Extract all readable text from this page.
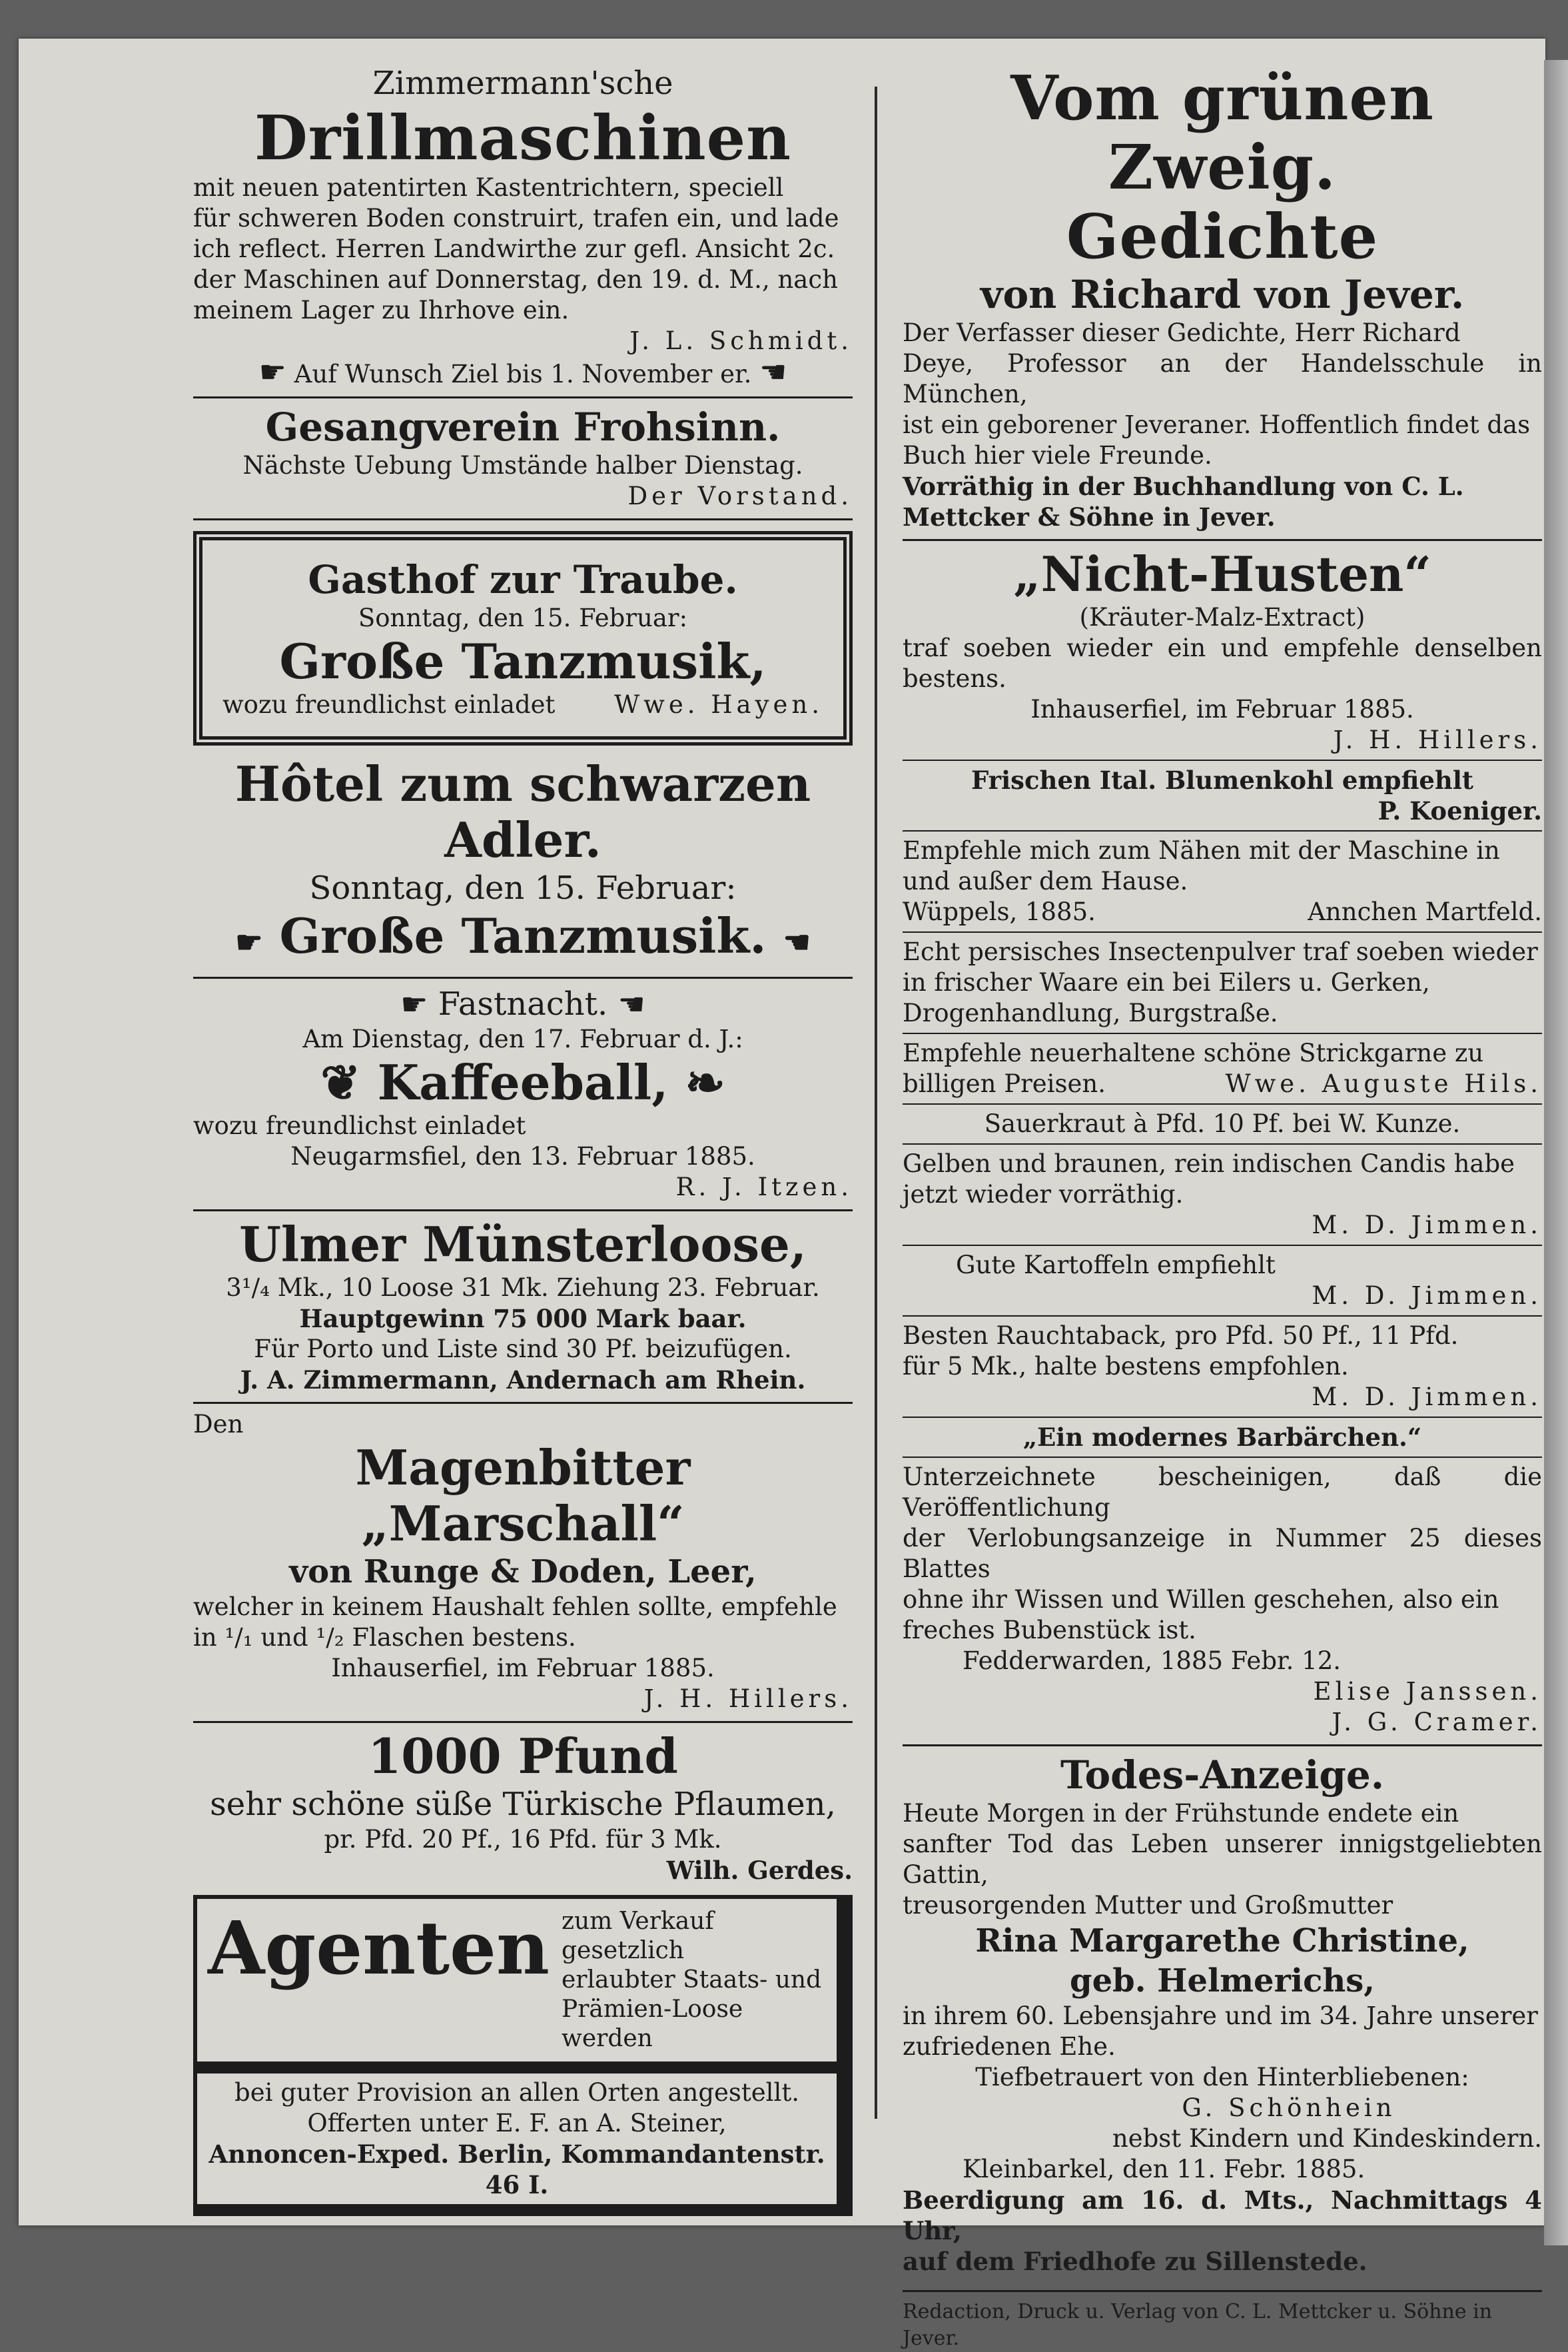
Zimmermann'sche

Drillmaschinen

mit neuen patentirten Kastentrichtern, speciell

für schweren Boden construirt, trafen ein, und lade

ich reflect. Herren Landwirthe zur gefl. Ansicht 2c.

der Maschinen auf Donnerstag, den 19. d. M., nach

meinem Lager zu Ihrhove ein.

J. L. Schmidt.

☛ Auf Wunsch Ziel bis 1. November er. ☚

Gesangverein Frohsinn.

Nächste Uebung Umstände halber Dienstag.

Der Vorstand.

Gasthof zur Traube.

Sonntag, den 15. Februar:

Große Tanzmusik,

wozu freundlichst einladet Wwe. Hayen.

Hôtel zum schwarzen Adler.

Sonntag, den 15. Februar:

☛ Große Tanzmusik. ☚

☛ Fastnacht. ☚

Am Dienstag, den 17. Februar d. J.:

❦ Kaffeeball, ❧

wozu freundlichst einladet

Neugarmsfiel, den 13. Februar 1885.

R. J. Itzen.

Ulmer Münsterloose,

3¹/₄ Mk., 10 Loose 31 Mk. Ziehung 23. Februar.

Hauptgewinn 75 000 Mark baar.

Für Porto und Liste sind 30 Pf. beizufügen.

J. A. Zimmermann, Andernach am Rhein.

Den

Magenbitter „Marschall“

von Runge & Doden, Leer,

welcher in keinem Haushalt fehlen sollte, empfehle

in ¹/₁ und ¹/₂ Flaschen bestens.

Inhauserfiel, im Februar 1885.

J. H. Hillers.

1000 Pfund

sehr schöne süße Türkische Pflaumen,

pr. Pfd. 20 Pf., 16 Pfd. für 3 Mk.

Wilh. Gerdes.

Agenten zum Verkauf gesetzlich
erlaubter Staats- und
Prämien-Loose werden

bei guter Provision an allen Orten angestellt.

Offerten unter E. F. an A. Steiner,

Annoncen-Exped. Berlin, Kommandantenstr. 46 I.

Vom grünen Zweig.

Gedichte

von Richard von Jever.

Der Verfasser dieser Gedichte, Herr Richard

Deye, Professor an der Handelsschule in München,

ist ein geborener Jeveraner. Hoffentlich findet das

Buch hier viele Freunde.

Vorräthig in der Buchhandlung von C. L.

Mettcker & Söhne in Jever.

„Nicht-Husten“

(Kräuter-Malz-Extract)

traf soeben wieder ein und empfehle denselben bestens.

Inhauserfiel, im Februar 1885.

J. H. Hillers.

Frischen Ital. Blumenkohl empfiehlt

P. Koeniger.

Empfehle mich zum Nähen mit der Maschine in

und außer dem Hause.

Wüppels, 1885.	Annchen Martfeld.

Echt persisches Insectenpulver traf soeben wieder

in frischer Waare ein bei Eilers u. Gerken,

Drogenhandlung, Burgstraße.

Empfehle neuerhaltene schöne Strickgarne zu

billigen Preisen.	Wwe. Auguste Hils.

Sauerkraut à Pfd. 10 Pf. bei W. Kunze.

Gelben und braunen, rein indischen Candis habe

jetzt wieder vorräthig.

M. D. Jimmen.

Gute Kartoffeln empfiehlt

M. D. Jimmen.

Besten Rauchtaback, pro Pfd. 50 Pf., 11 Pfd.

für 5 Mk., halte bestens empfohlen.

M. D. Jimmen.

„Ein modernes Barbärchen.“

Unterzeichnete bescheinigen, daß die Veröffentlichung

der Verlobungsanzeige in Nummer 25 dieses Blattes

ohne ihr Wissen und Willen geschehen, also ein

freches Bubenstück ist.

Fedderwarden, 1885 Febr. 12.

Elise Janssen.

J. G. Cramer.

Todes-Anzeige.

Heute Morgen in der Frühstunde endete ein

sanfter Tod das Leben unserer innigstgeliebten Gattin,

treusorgenden Mutter und Großmutter

Rina Margarethe Christine,

geb. Helmerichs,

in ihrem 60. Lebensjahre und im 34. Jahre unserer

zufriedenen Ehe.

Tiefbetrauert von den Hinterbliebenen:

G. Schönhein

nebst Kindern und Kindeskindern.

Kleinbarkel, den 11. Febr. 1885.

Beerdigung am 16. d. Mts., Nachmittags 4 Uhr,

auf dem Friedhofe zu Sillenstede.

Redaction, Druck u. Verlag von C. L. Mettcker u. Söhne in Jever.
